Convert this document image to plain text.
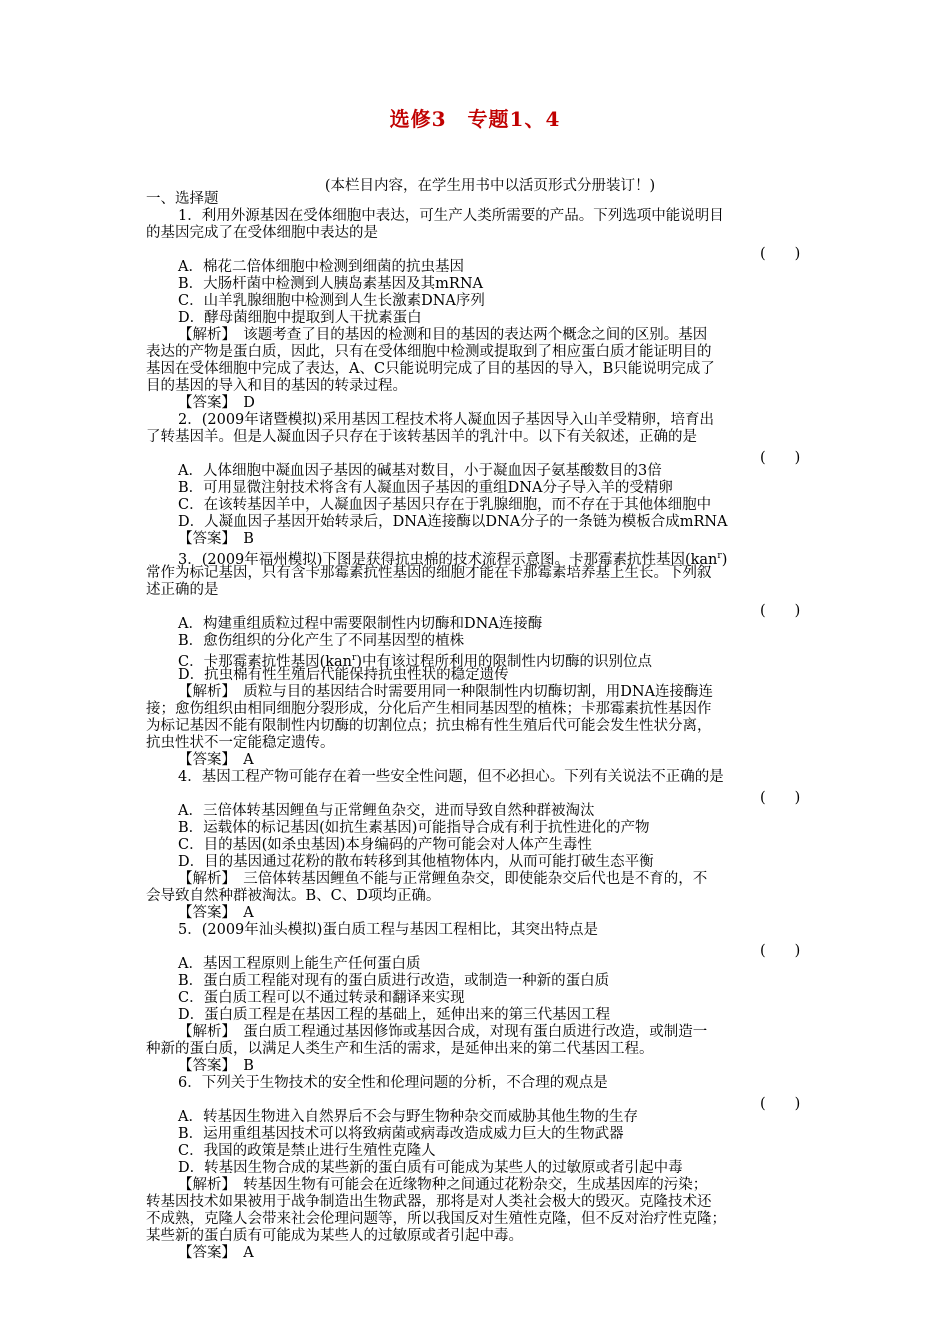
选修3　专题1、4
(本栏目内容，在学生用书中以活页形式分册装订！)
一、选择题
1．利用外源基因在受体细胞中表达，可生产人类所需要的产品。下列选项中能说明目
的基因完成了在受体细胞中表达的是
(　　)
A．棉花二倍体细胞中检测到细菌的抗虫基因
B．大肠杆菌中检测到人胰岛素基因及其mRNA
C．山羊乳腺细胞中检测到人生长激素DNA序列
D．酵母菌细胞中提取到人干扰素蛋白
【解析】　该题考查了目的基因的检测和目的基因的表达两个概念之间的区别。基因
表达的产物是蛋白质，因此，只有在受体细胞中检测或提取到了相应蛋白质才能证明目的
基因在受体细胞中完成了表达，A、C只能说明完成了目的基因的导入，B只能说明完成了
目的基因的导入和目的基因的转录过程。
【答案】　D
2．(2009年诸暨模拟)采用基因工程技术将人凝血因子基因导入山羊受精卵，培育出
了转基因羊。但是人凝血因子只存在于该转基因羊的乳汁中。以下有关叙述，正确的是
(　　)
A．人体细胞中凝血因子基因的碱基对数目，小于凝血因子氨基酸数目的3倍
B．可用显微注射技术将含有人凝血因子基因的重组DNA分子导入羊的受精卵
C．在该转基因羊中，人凝血因子基因只存在于乳腺细胞，而不存在于其他体细胞中
D．人凝血因子基因开始转录后，DNA连接酶以DNA分子的一条链为模板合成mRNA
【答案】　B
3．(2009年福州模拟)下图是获得抗虫棉的技术流程示意图。卡那霉素抗性基因(kan$^r$)
常作为标记基因，只有含卡那霉素抗性基因的细胞才能在卡那霉素培养基上生长。下列叙
述正确的是
(　　)
A．构建重组质粒过程中需要限制性内切酶和DNA连接酶
B．愈伤组织的分化产生了不同基因型的植株
C．卡那霉素抗性基因(kan$^r$)中有该过程所利用的限制性内切酶的识别位点
D．抗虫棉有性生殖后代能保持抗虫性状的稳定遗传
【解析】　质粒与目的基因结合时需要用同一种限制性内切酶切割，用DNA连接酶连
接；愈伤组织由相同细胞分裂形成，分化后产生相同基因型的植株；卡那霉素抗性基因作
为标记基因不能有限制性内切酶的切割位点；抗虫棉有性生殖后代可能会发生性状分离，
抗虫性状不一定能稳定遗传。
【答案】　A
4．基因工程产物可能存在着一些安全性问题，但不必担心。下列有关说法不正确的是
(　　)
A．三倍体转基因鲤鱼与正常鲤鱼杂交，进而导致自然种群被淘汰
B．运载体的标记基因(如抗生素基因)可能指导合成有利于抗性进化的产物
C．目的基因(如杀虫基因)本身编码的产物可能会对人体产生毒性
D．目的基因通过花粉的散布转移到其他植物体内，从而可能打破生态平衡
【解析】　三倍体转基因鲤鱼不能与正常鲤鱼杂交，即使能杂交后代也是不育的，不
会导致自然种群被淘汰。B、C、D项均正确。
【答案】　A
5．(2009年汕头模拟)蛋白质工程与基因工程相比，其突出特点是
(　　)
A．基因工程原则上能生产任何蛋白质
B．蛋白质工程能对现有的蛋白质进行改造，或制造一种新的蛋白质
C．蛋白质工程可以不通过转录和翻译来实现
D．蛋白质工程是在基因工程的基础上，延伸出来的第三代基因工程
【解析】　蛋白质工程通过基因修饰或基因合成，对现有蛋白质进行改造，或制造一
种新的蛋白质，以满足人类生产和生活的需求，是延伸出来的第二代基因工程。
【答案】　B
6．下列关于生物技术的安全性和伦理问题的分析，不合理的观点是
(　　)
A．转基因生物进入自然界后不会与野生物种杂交而威胁其他生物的生存
B．运用重组基因技术可以将致病菌或病毒改造成威力巨大的生物武器
C．我国的政策是禁止进行生殖性克隆人
D．转基因生物合成的某些新的蛋白质有可能成为某些人的过敏原或者引起中毒
【解析】　转基因生物有可能会在近缘物种之间通过花粉杂交，生成基因库的污染；
转基因技术如果被用于战争制造出生物武器，那将是对人类社会极大的毁灭。克隆技术还
不成熟，克隆人会带来社会伦理问题等，所以我国反对生殖性克隆，但不反对治疗性克隆；
某些新的蛋白质有可能成为某些人的过敏原或者引起中毒。
【答案】　A
